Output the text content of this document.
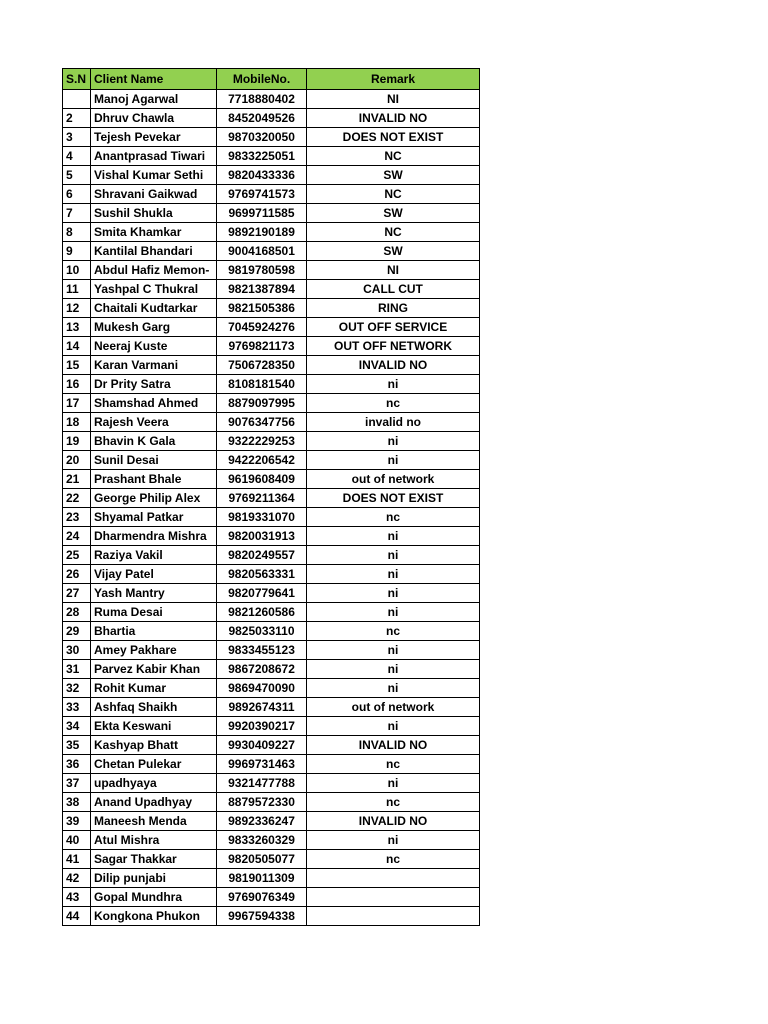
S.N	Client Name	MobileNo.	Remark
	Manoj Agarwal	7718880402	NI
2	Dhruv Chawla	8452049526	INVALID NO
3	Tejesh Pevekar	9870320050	DOES NOT EXIST
4	Anantprasad Tiwari	9833225051	NC
5	Vishal Kumar Sethi	9820433336	SW
6	Shravani Gaikwad	9769741573	NC
7	Sushil Shukla	9699711585	SW
8	Smita Khamkar	9892190189	NC
9	Kantilal Bhandari	9004168501	SW
10	Abdul Hafiz Memon-	9819780598	NI
11	Yashpal C Thukral	9821387894	CALL CUT
12	Chaitali Kudtarkar	9821505386	RING
13	Mukesh Garg	7045924276	OUT OFF SERVICE
14	Neeraj Kuste	9769821173	OUT OFF NETWORK
15	Karan Varmani	7506728350	INVALID NO
16	Dr Prity Satra	8108181540	ni
17	Shamshad Ahmed	8879097995	nc
18	Rajesh Veera	9076347756	invalid no
19	Bhavin K Gala	9322229253	ni
20	Sunil Desai	9422206542	ni
21	Prashant Bhale	9619608409	out of network
22	George Philip Alex	9769211364	DOES NOT EXIST
23	Shyamal Patkar	9819331070	nc
24	Dharmendra Mishra	9820031913	ni
25	Raziya Vakil	9820249557	ni
26	Vijay Patel	9820563331	ni
27	Yash Mantry	9820779641	ni
28	Ruma Desai	9821260586	ni
29	Bhartia	9825033110	nc
30	Amey Pakhare	9833455123	ni
31	Parvez Kabir Khan	9867208672	ni
32	Rohit Kumar	9869470090	ni
33	Ashfaq Shaikh	9892674311	out of network
34	Ekta Keswani	9920390217	ni
35	Kashyap Bhatt	9930409227	INVALID NO
36	Chetan Pulekar	9969731463	nc
37	upadhyaya	9321477788	ni
38	Anand Upadhyay	8879572330	nc
39	Maneesh Menda	9892336247	INVALID NO
40	Atul Mishra	9833260329	ni
41	Sagar Thakkar	9820505077	nc
42	Dilip punjabi	9819011309	
43	Gopal Mundhra	9769076349	
44	Kongkona Phukon	9967594338	
